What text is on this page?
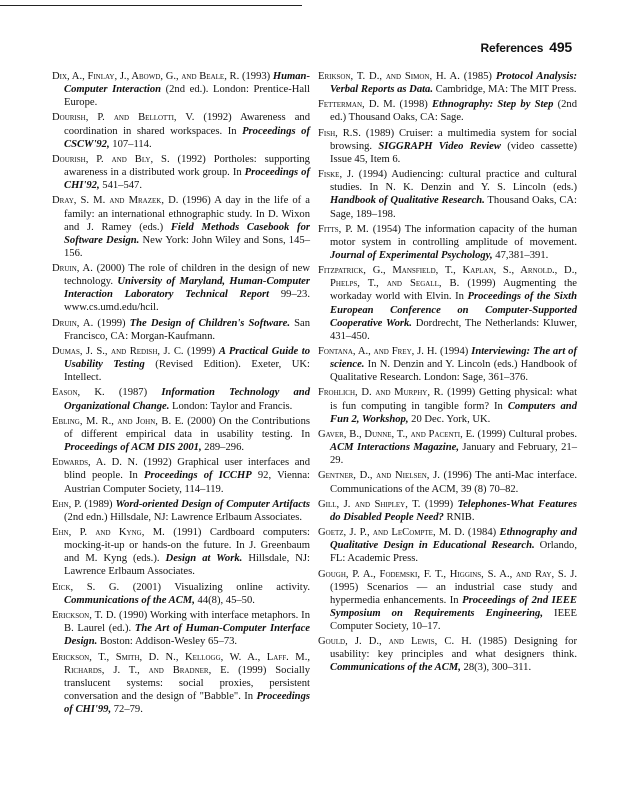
References 495

Dix, A., Finlay, J., Abowd, G., and Beale, R. (1993) Human-Computer Interaction (2nd ed.). London: Prentice-Hall Europe.

Dourish, P. and Bellotti, V. (1992) Awareness and coordination in shared workspaces. In Proceedings of CSCW'92, 107–114.

Dourish, P. and Bly, S. (1992) Portholes: supporting awareness in a distributed work group. In Proceedings of CHI'92, 541–547.

Dray, S. M. and Mrazek, D. (1996) A day in the life of a family: an international ethnographic study. In D. Wixon and J. Ramey (eds.) Field Methods Casebook for Software Design. New York: John Wiley and Sons, 145–156.

Druin, A. (2000) The role of children in the design of new technology. University of Maryland, Human-Computer Interaction Laboratory Technical Report 99–23. www.cs.umd.edu/hcil.

Druin, A. (1999) The Design of Children's Software. San Francisco, CA: Morgan-Kaufmann.

Dumas, J. S., and Redish, J. C. (1999) A Practical Guide to Usability Testing (Revised Edition). Exeter, UK: Intellect.

Eason, K. (1987) Information Technology and Organizational Change. London: Taylor and Francis.

Ebling, M. R., and John, B. E. (2000) On the Contributions of different empirical data in usability testing. In Proceedings of ACM DIS 2001, 289–296.

Edwards, A. D. N. (1992) Graphical user interfaces and blind people. In Proceedings of ICCHP 92, Vienna: Austrian Computer Society, 114–119.

Ehn, P. (1989) Word-oriented Design of Computer Artifacts (2nd edn.) Hillsdale, NJ: Lawrence Erlbaum Associates.

Ehn, P. and Kyng, M. (1991) Cardboard computers: mocking-it-up or hands-on the future. In J. Greenbaum and M. Kyng (eds.). Design at Work. Hillsdale, NJ: Lawrence Erlbaum Associates.

Eick, S. G. (2001) Visualizing online activity. Communications of the ACM, 44(8), 45–50.

Erickson, T. D. (1990) Working with interface metaphors. In B. Laurel (ed.). The Art of Human-Computer Interface Design. Boston: Addison-Wesley 65–73.

Erickson, T., Smith, D. N., Kellogg, W. A., Laff. M., Richards, J. T., and Bradner, E. (1999) Socially translucent systems: social proxies, persistent conversation and the design of "Babble". In Proceedings of CHI'99, 72–79.

Erikson, T. D., and Simon, H. A. (1985) Protocol Analysis: Verbal Reports as Data. Cambridge, MA: The MIT Press.

Fetterman, D. M. (1998) Ethnography: Step by Step (2nd ed.) Thousand Oaks, CA: Sage.

Fish, R.S. (1989) Cruiser: a multimedia system for social browsing. SIGGRAPH Video Review (video cassette) Issue 45, Item 6.

Fiske, J. (1994) Audiencing: cultural practice and cultural studies. In N. K. Denzin and Y. S. Lincoln (eds.) Handbook of Qualitative Research. Thousand Oaks, CA: Sage, 189–198.

Fitts, P. M. (1954) The information capacity of the human motor system in controlling amplitude of movement. Journal of Experimental Psychology, 47,381–391.

Fitzpatrick, G., Mansfield, T., Kaplan, S., Arnold., D., Phelps, T., and Segall, B. (1999) Augmenting the workaday world with Elvin. In Proceedings of the Sixth European Conference on Computer-Supported Cooperative Work. Dordrecht, The Netherlands: Kluwer, 431–450.

Fontana, A., and Frey, J. H. (1994) Interviewing: The art of science. In N. Denzin and Y. Lincoln (eds.) Handbook of Qualitative Research. London: Sage, 361–376.

Frohlich, D. and Murphy, R. (1999) Getting physical: what is fun computing in tangible form? In Computers and Fun 2, Workshop, 20 Dec. York, UK.

Gaver, B., Dunne, T., and Pacenti, E. (1999) Cultural probes. ACM Interactions Magazine, January and February, 21–29.

Gentner, D., and Nielsen, J. (1996) The anti-Mac interface. Communications of the ACM, 39 (8) 70–82.

Gill, J. and Shipley, T. (1999) Telephones-What Features do Disabled People Need? RNIB.

Goetz, J. P., and LeCompte, M. D. (1984) Ethnography and Qualitative Design in Educational Research. Orlando, FL: Academic Press.

Gough, P. A., Fodemski, F. T., Higgins, S. A., and Ray, S. J. (1995) Scenarios — an industrial case study and hypermedia enhancements. In Proceedings of 2nd IEEE Symposium on Requirements Engineering, IEEE Computer Society, 10–17.

Gould, J. D., and Lewis, C. H. (1985) Designing for usability: key principles and what designers think. Communications of the ACM, 28(3), 300–311.
